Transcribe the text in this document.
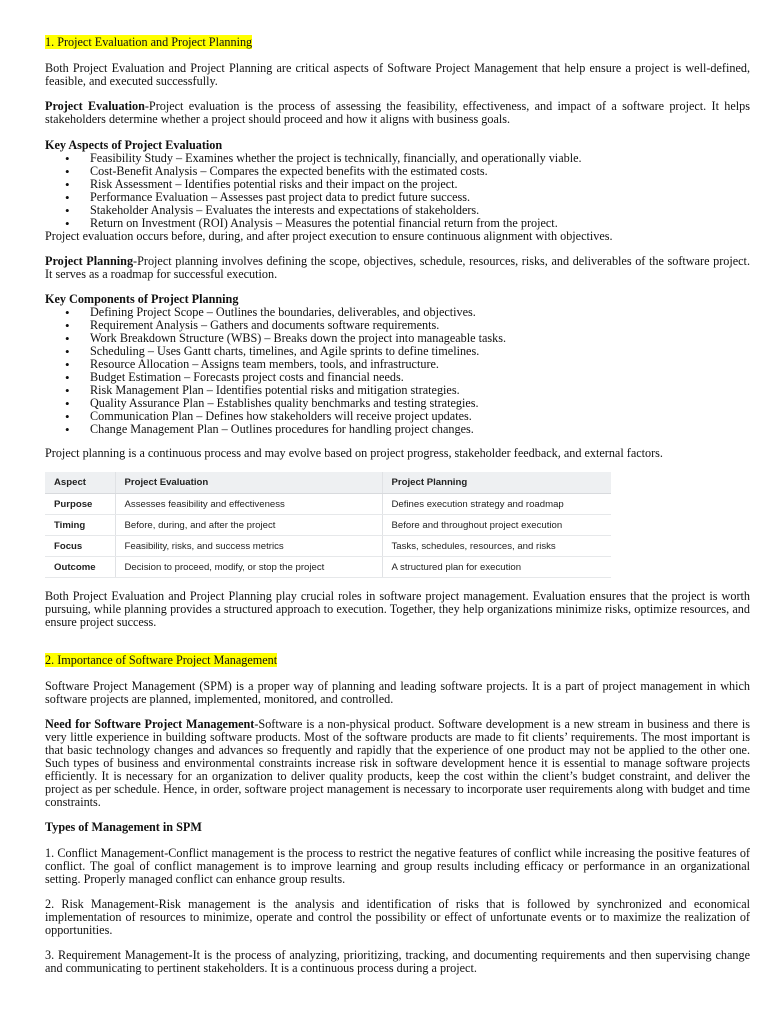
1. Project Evaluation and Project Planning

Both Project Evaluation and Project Planning are critical aspects of Software Project Management that help ensure a project is well-defined, feasible, and executed successfully.

Project Evaluation-Project evaluation is the process of assessing the feasibility, effectiveness, and impact of a software project. It helps stakeholders determine whether a project should proceed and how it aligns with business goals.

Key Aspects of Project Evaluation

• Feasibility Study – Examines whether the project is technically, financially, and operationally viable.
• Cost-Benefit Analysis – Compares the expected benefits with the estimated costs.
• Risk Assessment – Identifies potential risks and their impact on the project.
• Performance Evaluation – Assesses past project data to predict future success.
• Stakeholder Analysis – Evaluates the interests and expectations of stakeholders.
• Return on Investment (ROI) Analysis – Measures the potential financial return from the project.

Project evaluation occurs before, during, and after project execution to ensure continuous alignment with objectives.

Project Planning-Project planning involves defining the scope, objectives, schedule, resources, risks, and deliverables of the software project. It serves as a roadmap for successful execution.

Key Components of Project Planning

• Defining Project Scope – Outlines the boundaries, deliverables, and objectives.
• Requirement Analysis – Gathers and documents software requirements.
• Work Breakdown Structure (WBS) – Breaks down the project into manageable tasks.
• Scheduling – Uses Gantt charts, timelines, and Agile sprints to define timelines.
• Resource Allocation – Assigns team members, tools, and infrastructure.
• Budget Estimation – Forecasts project costs and financial needs.
• Risk Management Plan – Identifies potential risks and mitigation strategies.
• Quality Assurance Plan – Establishes quality benchmarks and testing strategies.
• Communication Plan – Defines how stakeholders will receive project updates.
• Change Management Plan – Outlines procedures for handling project changes.

Project planning is a continuous process and may evolve based on project progress, stakeholder feedback, and external factors.

Aspect	Project Evaluation	Project Planning
Purpose	Assesses feasibility and effectiveness	Defines execution strategy and roadmap
Timing	Before, during, and after the project	Before and throughout project execution
Focus	Feasibility, risks, and success metrics	Tasks, schedules, resources, and risks
Outcome	Decision to proceed, modify, or stop the project	A structured plan for execution

Both Project Evaluation and Project Planning play crucial roles in software project management. Evaluation ensures that the project is worth pursuing, while planning provides a structured approach to execution. Together, they help organizations minimize risks, optimize resources, and ensure project success.

2. Importance of Software Project Management

Software Project Management (SPM) is a proper way of planning and leading software projects. It is a part of project management in which software projects are planned, implemented, monitored, and controlled.

Need for Software Project Management-Software is a non-physical product. Software development is a new stream in business and there is very little experience in building software products. Most of the software products are made to fit clients’ requirements. The most important is that basic technology changes and advances so frequently and rapidly that the experience of one product may not be applied to the other one. Such types of business and environmental constraints increase risk in software development hence it is essential to manage software projects efficiently. It is necessary for an organization to deliver quality products, keep the cost within the client’s budget constraint, and deliver the project as per schedule. Hence, in order, software project management is necessary to incorporate user requirements along with budget and time constraints.

Types of Management in SPM

1. Conflict Management-Conflict management is the process to restrict the negative features of conflict while increasing the positive features of conflict. The goal of conflict management is to improve learning and group results including efficacy or performance in an organizational setting. Properly managed conflict can enhance group results.

2. Risk Management-Risk management is the analysis and identification of risks that is followed by synchronized and economical implementation of resources to minimize, operate and control the possibility or effect of unfortunate events or to maximize the realization of opportunities.

3. Requirement Management-It is the process of analyzing, prioritizing, tracking, and documenting requirements and then supervising change and communicating to pertinent stakeholders. It is a continuous process during a project.
